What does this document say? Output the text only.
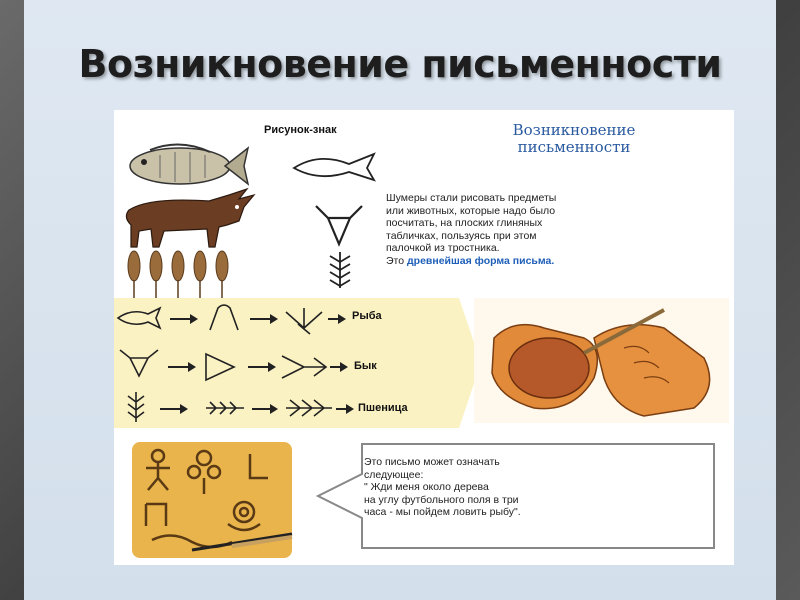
Возникновение письменности
Рисунок-знак	Возникновение
письменности
Шумеры стали рисовать предметы
или животных, которые надо было
посчитать, на плоских глиняных
табличках, пользуясь при этом
палочкой из тростника.
Это древнейшая форма письма.
Рыба
Бык
Пшеница
Это письмо может означать
следующее:
" Жди меня около дерева
на углу футбольного поля в три
часа - мы пойдем ловить рыбу".
